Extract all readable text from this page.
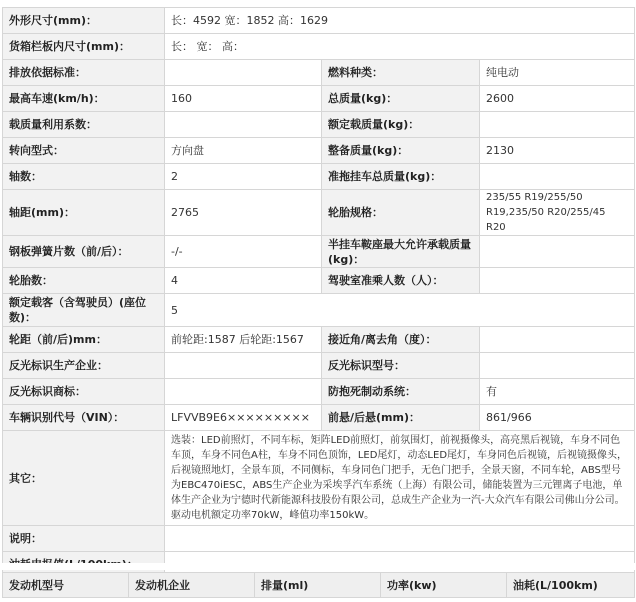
外形尺寸(mm)：	长：4592 宽：1852 高：1629		
货箱栏板内尺寸(mm)：	长： 宽： 高：		
排放依据标准：		燃料种类：	纯电动
最高车速(km/h)：	160	总质量(kg)：	2600
载质量利用系数：		额定载质量(kg)：	
转向型式：	方向盘	整备质量(kg)：	2130
轴数：	2	准拖挂车总质量(kg)：	
轴距(mm)：	2765	轮胎规格：	235/55 R19/255/50
R19,235/50 R20/255/45 R20

钢板弹簧片数（前/后）：	-/-	半挂车鞍座最大允许承载质量(kg)：	
轮胎数：	4	驾驶室准乘人数（人）：	
额定载客（含驾驶员）(座位数)：	5		
轮距（前/后)mm：	前轮距:1587 后轮距:1567	接近角/离去角（度）：	
反光标识生产企业：		反光标识型号：	
反光标识商标：		防抱死制动系统：	有
车辆识别代号（VIN）：	LFVVB9E6×××××××××	前悬/后悬(mm)：	861/966
其它：	选装：LED前照灯，不同车标，矩阵LED前照灯，前氛围灯，前视摄像头，高亮黑后视镜，车身不同色车顶，车身不同色A柱，车身不同色顶饰，LED尾灯，动态LED尾灯，车身同色后视镜，后视镜摄像头，后视镜照地灯，全景车顶，不同侧标，车身同色门把手，无色门把手，全景天窗，不同车轮，ABS型号为EBC470iESC，ABS生产企业为采埃孚汽车系统（上海）有限公司，储能装置为三元锂离子电池，单体生产企业为宁德时代新能源科技股份有限公司，总成生产企业为一汽-大众汽车有限公司佛山分公司。驱动电机额定功率70kW，峰值功率150kW。		
说明：			

发动机型号	发动机企业	排量(ml)	功率(kw)	油耗(L/100km)
